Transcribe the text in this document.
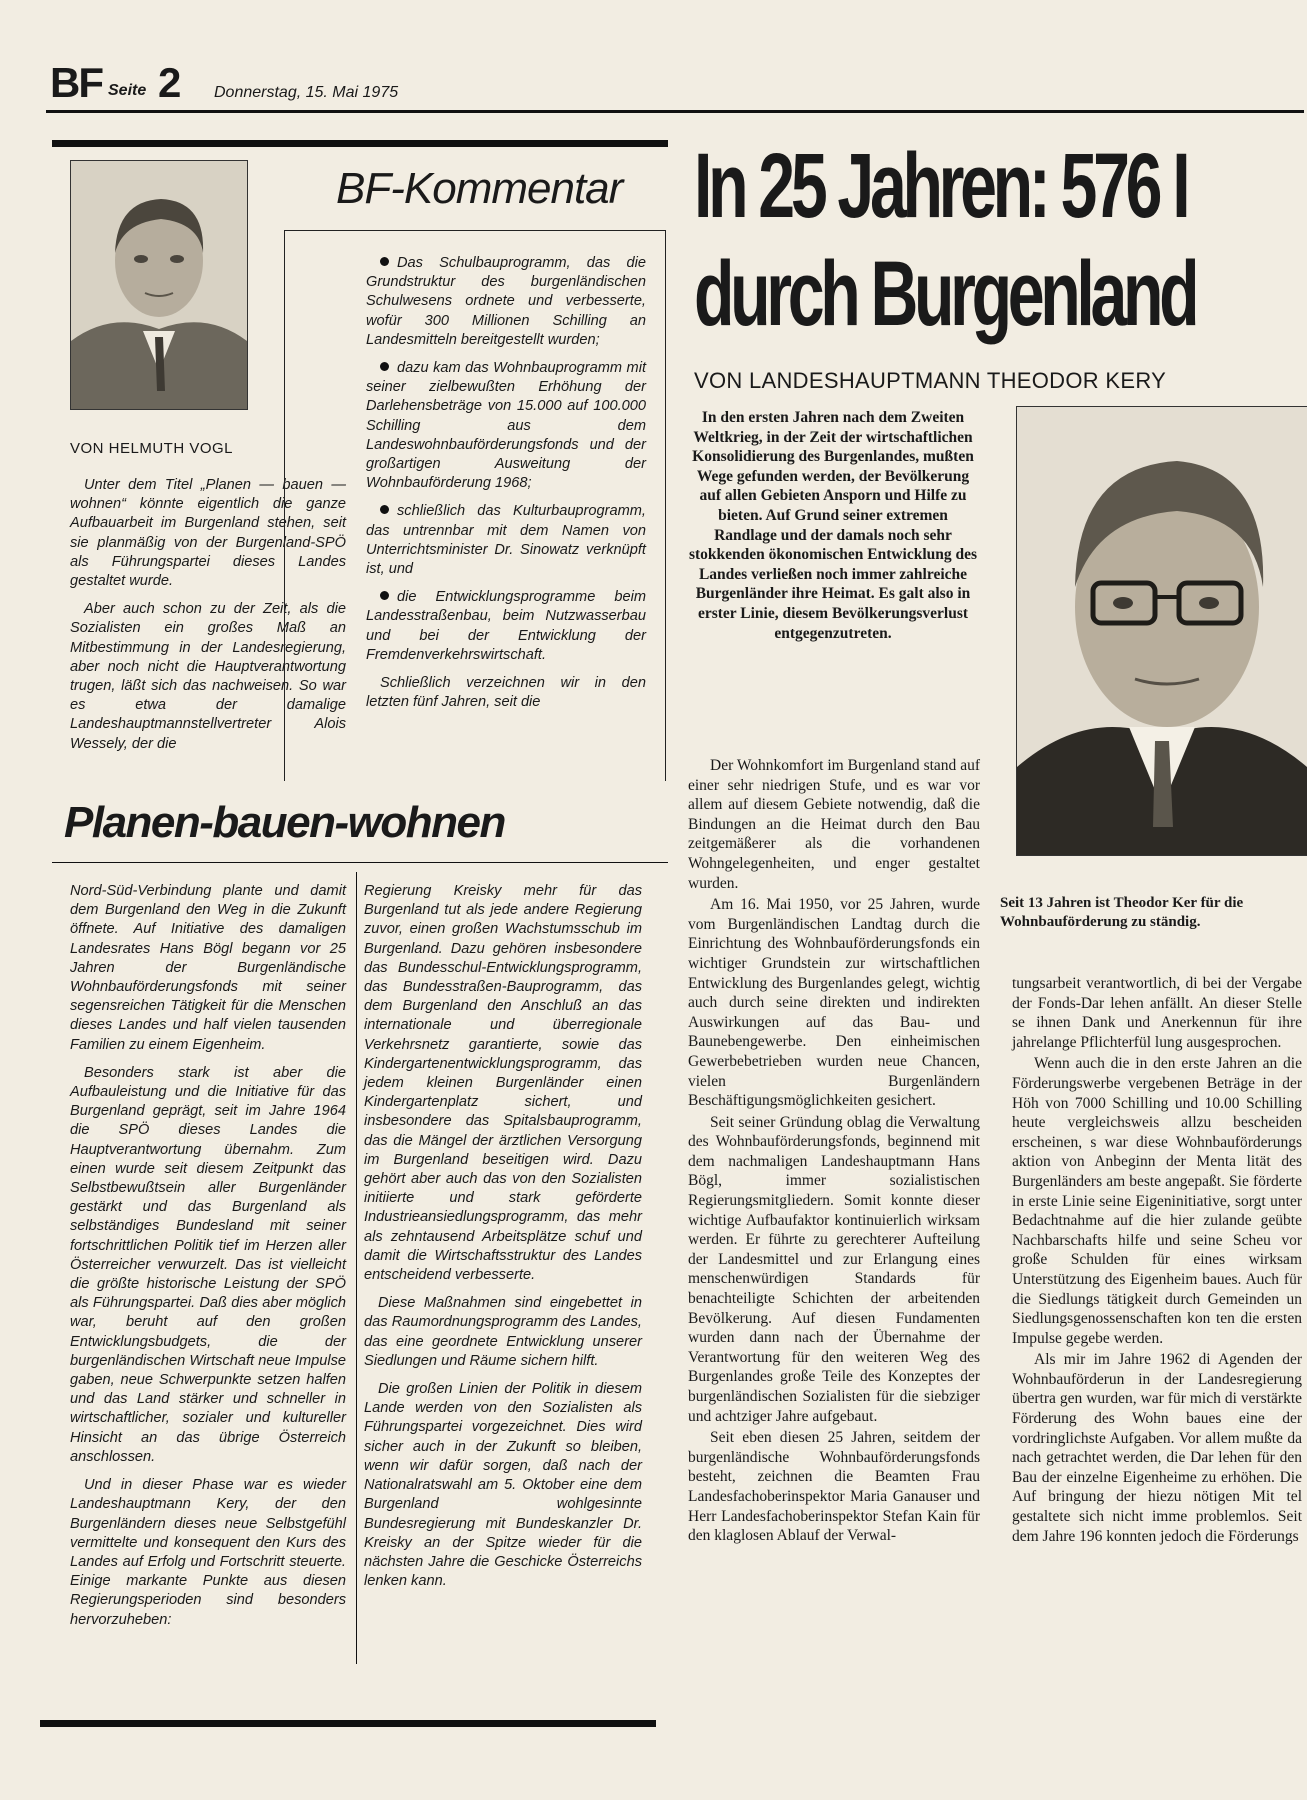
BF Seite 2 Donnerstag, 15. Mai 1975
BF-Kommentar
VON HELMUTH VOGL

Unter dem Titel „Planen — bauen — wohnen“ könnte eigentlich die ganze Aufbauarbeit im Burgenland stehen, seit sie planmäßig von der Burgenland-SPÖ als Führungspartei dieses Landes gestaltet wurde.

Aber auch schon zu der Zeit, als die Sozialisten ein großes Maß an Mitbestimmung in der Landesregierung, aber noch nicht die Hauptverantwortung trugen, läßt sich das nachweisen. So war es etwa der damalige Landeshauptmannstellvertreter Alois Wessely, der die

Das Schulbauprogramm, das die Grundstruktur des burgenländischen Schulwesens ordnete und verbesserte, wofür 300 Millionen Schilling an Landesmitteln bereitgestellt wurden;

dazu kam das Wohnbauprogramm mit seiner zielbewußten Erhöhung der Darlehensbeträge von 15.000 auf 100.000 Schilling aus dem Landeswohnbauförderungsfonds und der großartigen Ausweitung der Wohnbauförderung 1968;

schließlich das Kulturbauprogramm, das untrennbar mit dem Namen von Unterrichtsminister Dr. Sinowatz verknüpft ist, und

die Entwicklungsprogramme beim Landesstraßenbau, beim Nutzwasserbau und bei der Entwicklung der Fremdenverkehrswirtschaft.

Schließlich verzeichnen wir in den letzten fünf Jahren, seit die

Planen-bauen-wohnen

Nord-Süd-Verbindung plante und damit dem Burgenland den Weg in die Zukunft öffnete. Auf Initiative des damaligen Landesrates Hans Bögl begann vor 25 Jahren der Burgenländische Wohnbauförderungsfonds mit seiner segensreichen Tätigkeit für die Menschen dieses Landes und half vielen tausenden Familien zu einem Eigenheim.

Besonders stark ist aber die Aufbauleistung und die Initiative für das Burgenland geprägt, seit im Jahre 1964 die SPÖ dieses Landes die Hauptverantwortung übernahm. Zum einen wurde seit diesem Zeitpunkt das Selbstbewußtsein aller Burgenländer gestärkt und das Burgenland als selbständiges Bundesland mit seiner fortschrittlichen Politik tief im Herzen aller Österreicher verwurzelt. Das ist vielleicht die größte historische Leistung der SPÖ als Führungspartei. Daß dies aber möglich war, beruht auf den großen Entwicklungsbudgets, die der burgenländischen Wirtschaft neue Impulse gaben, neue Schwerpunkte setzen halfen und das Land stärker und schneller in wirtschaftlicher, sozialer und kultureller Hinsicht an das übrige Österreich anschlossen.

Und in dieser Phase war es wieder Landeshauptmann Kery, der den Burgenländern dieses neue Selbstgefühl vermittelte und konsequent den Kurs des Landes auf Erfolg und Fortschritt steuerte. Einige markante Punkte aus diesen Regierungsperioden sind besonders hervorzuheben:

Regierung Kreisky mehr für das Burgenland tut als jede andere Regierung zuvor, einen großen Wachstumsschub im Burgenland. Dazu gehören insbesondere das Bundesschul-Entwicklungsprogramm, das Bundesstraßen-Bauprogramm, das dem Burgenland den Anschluß an das internationale und überregionale Verkehrsnetz garantierte, sowie das Kindergartenentwicklungsprogramm, das jedem kleinen Burgenländer einen Kindergartenplatz sichert, und insbesondere das Spitalsbauprogramm, das die Mängel der ärztlichen Versorgung im Burgenland beseitigen wird. Dazu gehört aber auch das von den Sozialisten initiierte und stark geförderte Industrieansiedlungsprogramm, das mehr als zehntausend Arbeitsplätze schuf und damit die Wirtschaftsstruktur des Landes entscheidend verbesserte.

Diese Maßnahmen sind eingebettet in das Raumordnungsprogramm des Landes, das eine geordnete Entwicklung unserer Siedlungen und Räume sichern hilft.

Die großen Linien der Politik in diesem Lande werden von den Sozialisten als Führungspartei vorgezeichnet. Dies wird sicher auch in der Zukunft so bleiben, wenn wir dafür sorgen, daß nach der Nationalratswahl am 5. Oktober eine dem Burgenland wohlgesinnte Bundesregierung mit Bundeskanzler Dr. Kreisky an der Spitze wieder für die nächsten Jahre die Geschicke Österreichs lenken kann.

In 25 Jahren: 576 I
durch Burgenland
VON LANDESHAUPTMANN THEODOR KERY

In den ersten Jahren nach dem Zweiten Weltkrieg, in der Zeit der wirtschaftlichen Konsolidierung des Burgenlandes, mußten Wege gefunden werden, der Bevölkerung auf allen Gebieten Ansporn und Hilfe zu bieten. Auf Grund seiner extremen Randlage und der damals noch sehr stokkenden ökonomischen Entwicklung des Landes verließen noch immer zahlreiche Burgenländer ihre Heimat. Es galt also in erster Linie, diesem Bevölkerungsverlust entgegenzutreten.

Der Wohnkomfort im Burgenland stand auf einer sehr niedrigen Stufe, und es war vor allem auf diesem Gebiete notwendig, daß die Bindungen an die Heimat durch den Bau zeitgemäßerer als die vorhandenen Wohngelegenheiten, und enger gestaltet wurden.

Am 16. Mai 1950, vor 25 Jahren, wurde vom Burgenländischen Landtag durch die Einrichtung des Wohnbauförderungsfonds ein wichtiger Grundstein zur wirtschaftlichen Entwicklung des Burgenlandes gelegt, wichtig auch durch seine direkten und indirekten Auswirkungen auf das Bau- und Baunebengewerbe. Den einheimischen Gewerbebetrieben wurden neue Chancen, vielen Burgenländern Beschäftigungsmöglichkeiten gesichert.

Seit seiner Gründung oblag die Verwaltung des Wohnbauförderungsfonds, beginnend mit dem nachmaligen Landeshauptmann Hans Bögl, immer sozialistischen Regierungsmitgliedern. Somit konnte dieser wichtige Aufbaufaktor kontinuierlich wirksam werden. Er führte zu gerechterer Aufteilung der Landesmittel und zur Erlangung eines menschenwürdigen Standards für benachteiligte Schichten der arbeitenden Bevölkerung. Auf diesen Fundamenten wurden dann nach der Übernahme der Verantwortung für den weiteren Weg des Burgenlandes große Teile des Konzeptes der burgenländischen Sozialisten für die siebziger und achtziger Jahre aufgebaut.

Seit eben diesen 25 Jahren, seitdem der burgenländische Wohnbauförderungsfonds besteht, zeichnen die Beamten Frau Landesfachoberinspektor Maria Ganauser und Herr Landesfachoberinspektor Stefan Kain für den klaglosen Ablauf der Verwal-

Seit 13 Jahren ist Theodor Ker für die Wohnbauförderung zu ständig.

tungsarbeit verantwortlich, di bei der Vergabe der Fonds-Dar lehen anfällt. An dieser Stelle se ihnen Dank und Anerkennun für ihre jahrelange Pflichterfül lung ausgesprochen.

Wenn auch die in den erste Jahren an die Förderungswerbe vergebenen Beträge in der Höh von 7000 Schilling und 10.00 Schilling heute vergleichsweis allzu bescheiden erscheinen, s war diese Wohnbauförderungs aktion von Anbeginn der Menta lität des Burgenländers am beste angepaßt. Sie förderte in erste Linie seine Eigeninitiative, sorgt unter Bedachtnahme auf die hier zulande geübte Nachbarschafts hilfe und seine Scheu vor große Schulden für eines wirksam Unterstützung des Eigenheim baues. Auch für die Siedlungs tätigkeit durch Gemeinden un Siedlungsgenossenschaften kon ten die ersten Impulse gegebe werden.

Als mir im Jahre 1962 di Agenden der Wohnbauförderun in der Landesregierung übertra gen wurden, war für mich di verstärkte Förderung des Wohn baues eine der vordringlichste Aufgaben. Vor allem mußte da nach getrachtet werden, die Dar lehen für den Bau der einzelne Eigenheime zu erhöhen. Die Auf bringung der hiezu nötigen Mit tel gestaltete sich nicht imme problemlos. Seit dem Jahre 196 konnten jedoch die Förderungs
